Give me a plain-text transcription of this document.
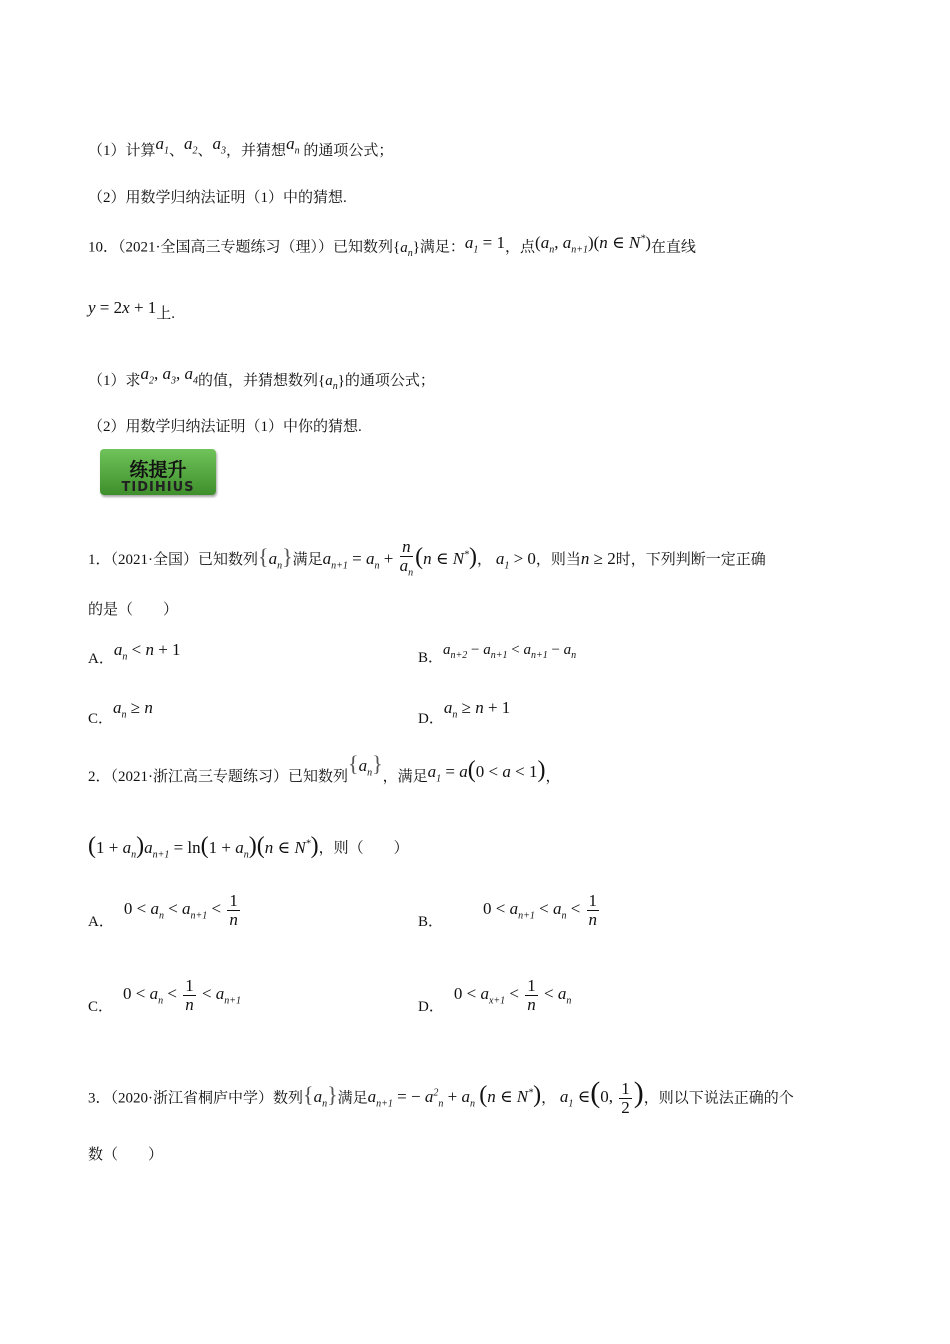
（1）计算$a_1$、$a_2$、$a_3$，并猜想$a_n$ 的通项公式；
（2）用数学归纳法证明（1）中的猜想.
10．（2021·全国高三专题练习（理））已知数列$\{a_n\}$满足：$a_1 = 1$，点($a_n$, $a_{n+1})(n$ ∈ N*)在直线
y = 2x + 1上.
（1）求$a_2$, $a_3$, $a_4$的值，并猜想数列$\{a_n\}$的通项公式；
（2）用数学归纳法证明（1）中你的猜想.
练提升
TIDIHIUS
1．（2021·全国）已知数列$\{a_n\}$满足$a_{n+1} = a_n + \frac{n}{a_n} (n$ ∈ N*)， $a_1 > 0$，则当n ≥ 2时，下列判断一定正确
的是（　　）
A．$a_n < n + 1$	B．$a_{n+2} - a_{n+1} < a_{n+1} - a_n$
C．$a_n \ge n$
D．$a_n \ge n + 1$
2．（2021·浙江高三专题练习）已知数列$\{a_n\}$，满足$a_1 = a(0 < a < 1)$，
$(1 + a_n)a_{n+1} = \ln(1 + a_n)(n$ ∈ N*)，则（　　）
A．$0 < a_n < a_{n+1} < \frac{1}{n}$	B．$0 < a_{n+1} < a_n < \frac{1}{n}$
C．$0 < a_n < \frac{1}{n} < a_{n+1}$	D．$0 < a_{x+1} < \frac{1}{n} < a_n$
3．（2020·浙江省桐庐中学）数列$\{a_n\}$满足$a_{n+1}$ = − $a^2_n + a_n$ (n ∈ N*)， $a_1$ ∈(0, $\frac{1}{2}$ )，则以下说法正确的个
数（　　）
